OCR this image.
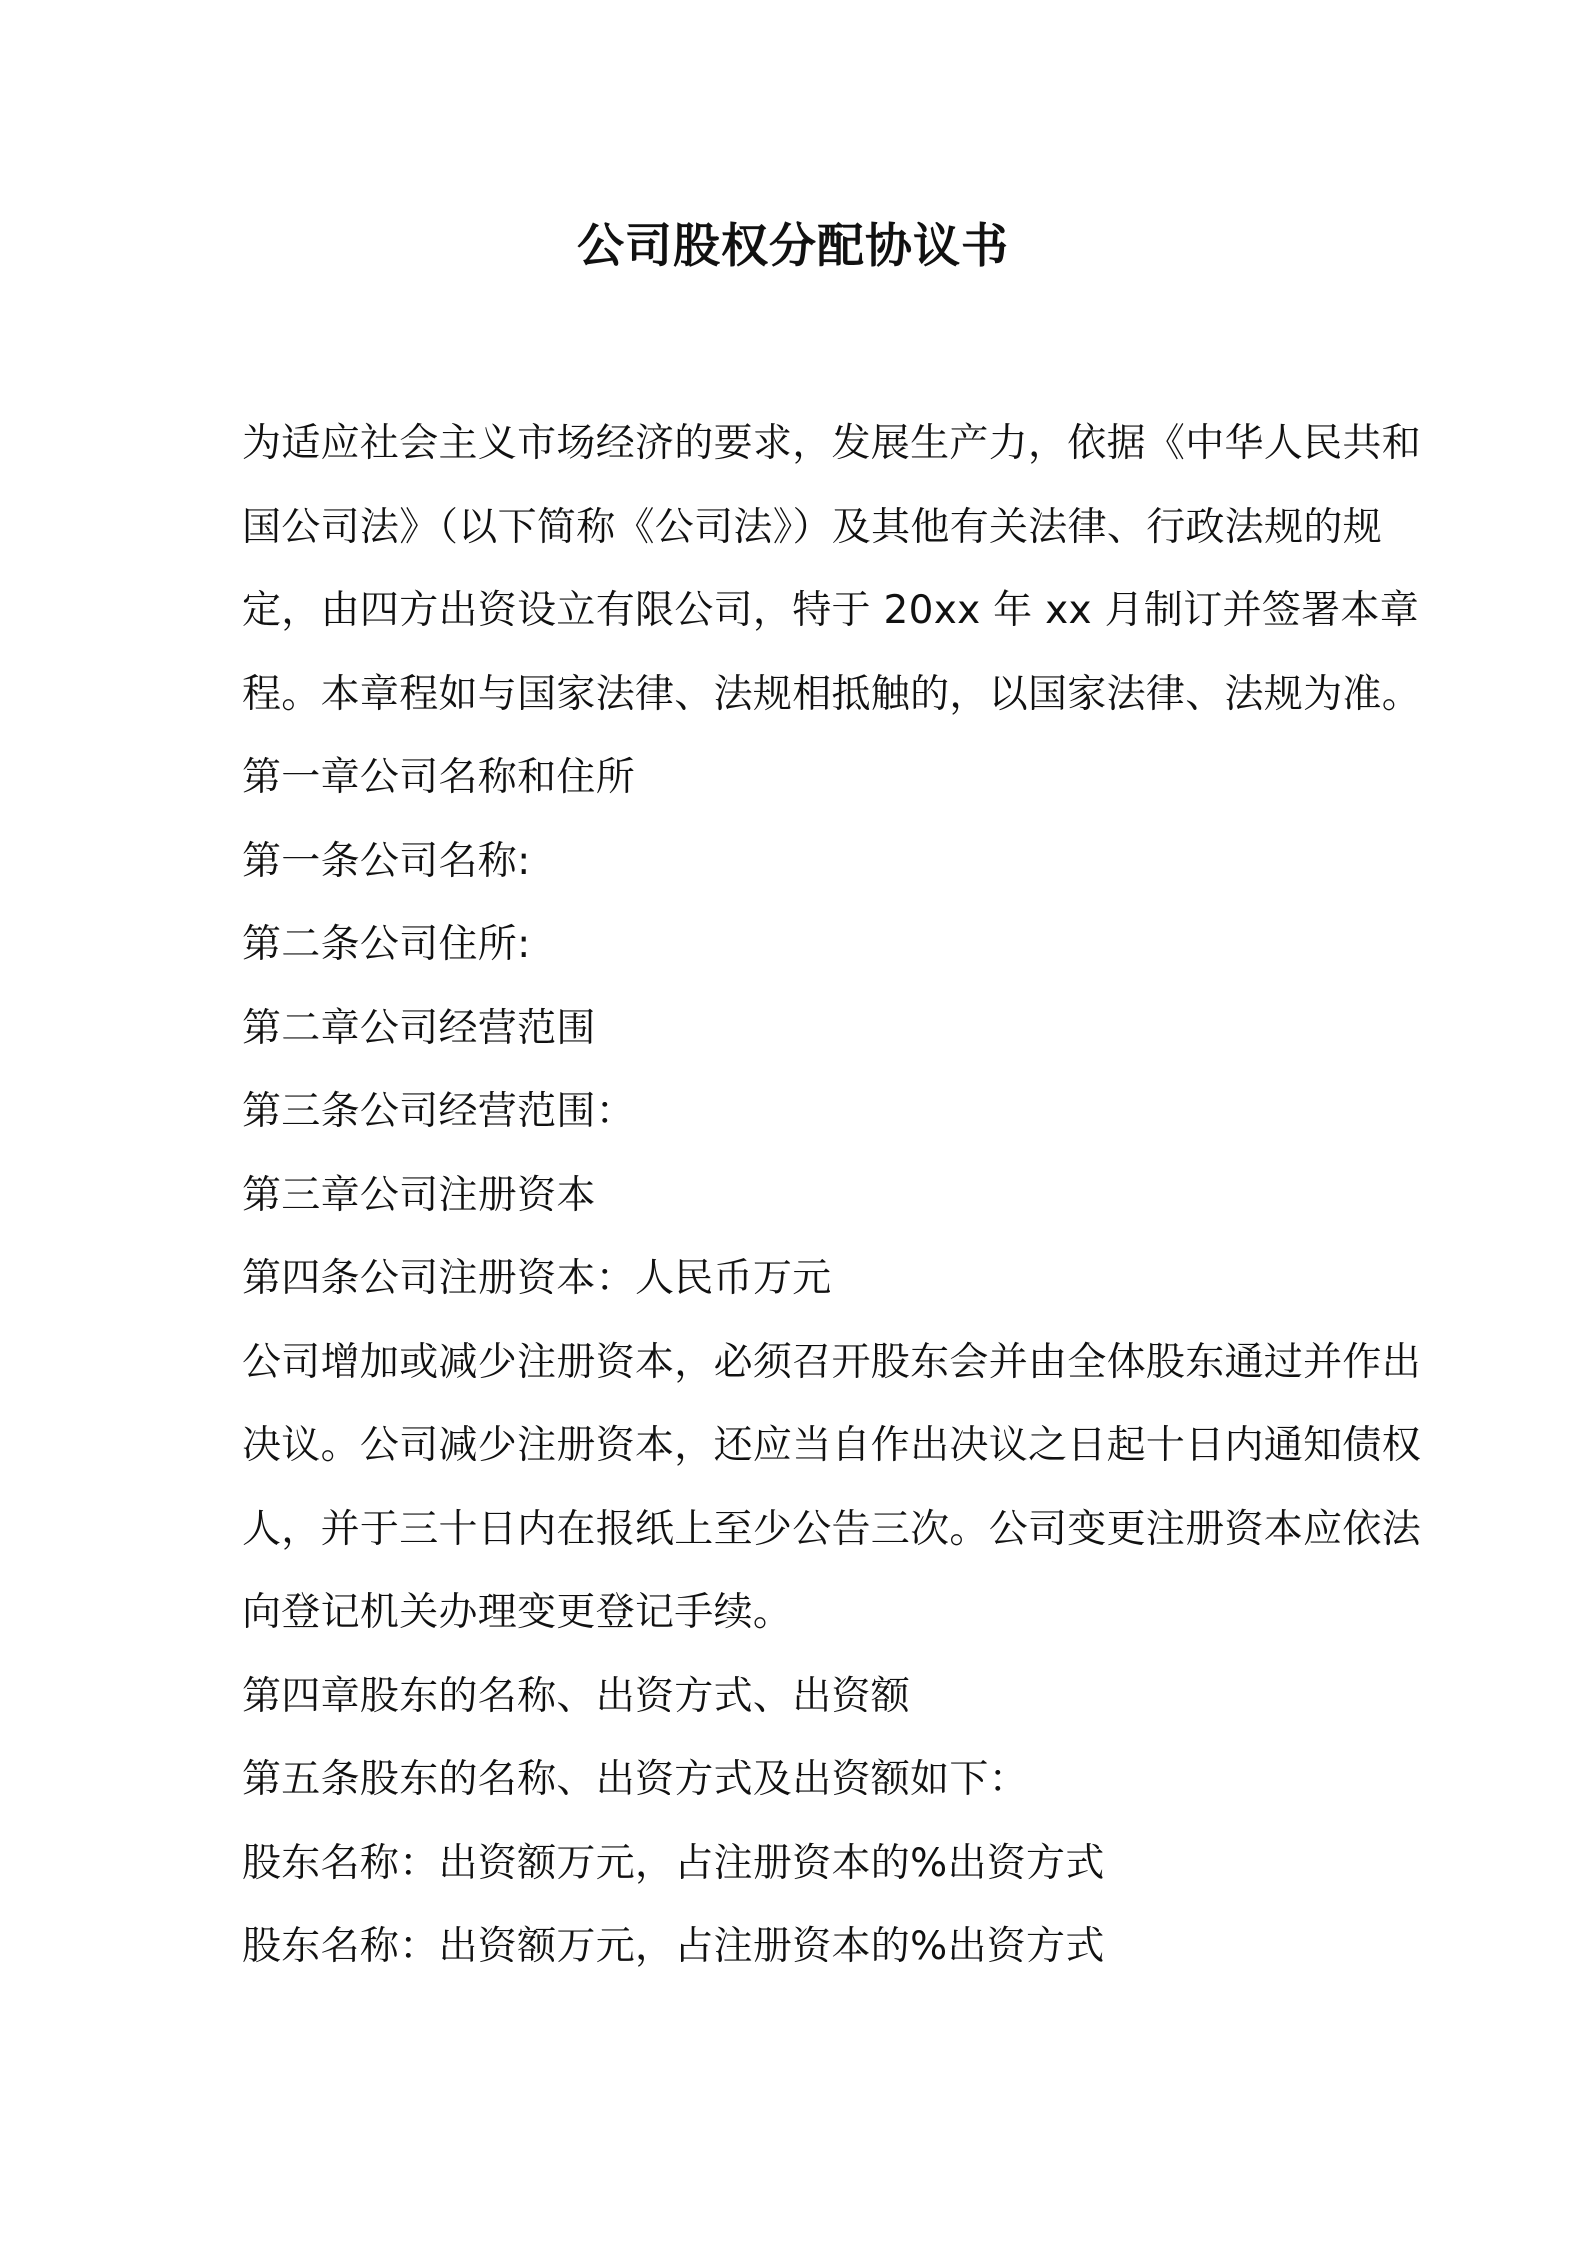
公司股权分配协议书

为适应社会主义市场经济的要求，发展生产力，依据《中华人民共和

国公司法》（以下简称《公司法》）及其他有关法律、行政法规的规

定，由四方出资设立有限公司，特于 20xx 年 xx 月制订并签署本章

程。本章程如与国家法律、法规相抵触的，以国家法律、法规为准。

第一章公司名称和住所

第一条公司名称:

第二条公司住所:

第二章公司经营范围

第三条公司经营范围：

第三章公司注册资本

第四条公司注册资本：人民币万元

公司增加或减少注册资本，必须召开股东会并由全体股东通过并作出

决议。公司减少注册资本，还应当自作出决议之日起十日内通知债权

人，并于三十日内在报纸上至少公告三次。公司变更注册资本应依法

向登记机关办理变更登记手续。

第四章股东的名称、出资方式、出资额

第五条股东的名称、出资方式及出资额如下：

股东名称：出资额万元，占注册资本的%出资方式

股东名称：出资额万元，占注册资本的%出资方式
